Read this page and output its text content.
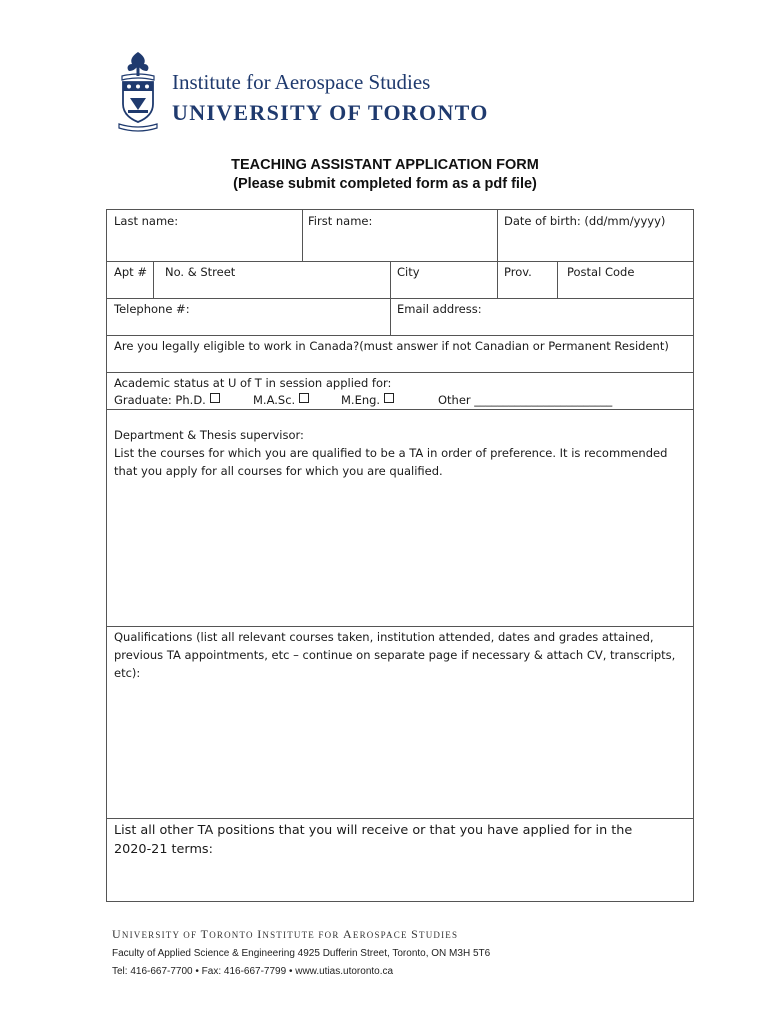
Institute for Aerospace Studies
UNIVERSITY OF TORONTO
TEACHING ASSISTANT APPLICATION FORM
(Please submit completed form as a pdf file)
Last name:	First name:	Date of birth: (dd/mm/yyyy)
Apt # No. & Street	City	Prov.	Postal Code
Telephone #:	Email address:
Are you legally eligible to work in Canada?(must answer if not Canadian or Permanent Resident)
Academic status at U of T in session applied for:
Graduate: Ph.D.	M.A.Sc.	M.Eng.	Other ________________________
Department & Thesis supervisor:
List the courses for which you are qualified to be a TA in order of preference. It is recommended that you apply for all courses for which you are qualified.
Qualifications (list all relevant courses taken, institution attended, dates and grades attained, previous TA appointments, etc – continue on separate page if necessary & attach CV, transcripts, etc):
List all other TA positions that you will receive or that you have applied for in the 2020-21 terms:
UNIVERSITY OF TORONTO INSTITUTE FOR AEROSPACE STUDIES
Faculty of Applied Science & Engineering 4925 Dufferin Street, Toronto, ON M3H 5T6
Tel: 416-667-7700 • Fax: 416-667-7799 • www.utias.utoronto.ca
